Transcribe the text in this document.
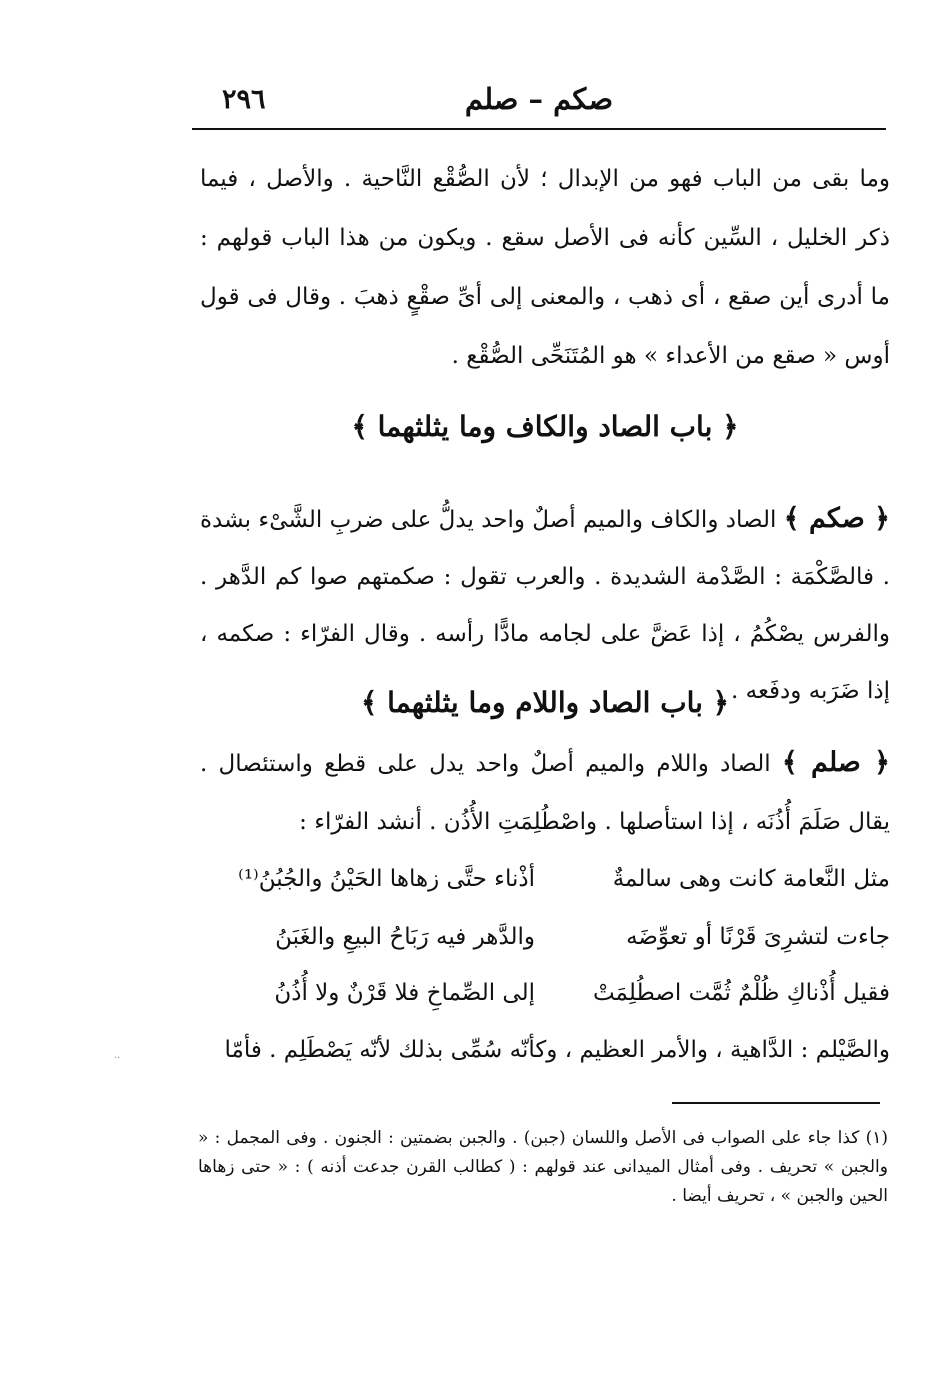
٢٩٦	صكم – صلم

وما بقى من الباب فهو من الإبدال ؛ لأن الصُّقْع النَّاحية . والأصل ، فيما ذكر الخليل ، السِّين كأنه فى الأصل سقع . ويكون من هذا الباب قولهم : ما أدرى أين صقع ، أى ذهب ، والمعنى إلى أىِّ صقْعٍ ذهبَ . وقال فى قول أوس « صقع من الأعداء » هو المُتَنَحِّى الصُّقْع .

﴿ باب الصاد والكاف وما يثلثهما ﴾

﴿ صكم ﴾ الصاد والكاف والميم أصلٌ واحد يدلُّ على ضربِ الشَّىْء بشدة . فالصَّكْمَة : الصَّدْمة الشديدة . والعرب تقول : صكمتهم صوا كم الدَّهر . والفرس يصْكُمُ ، إذا عَضَّ على لجامه مادًّا رأسه . وقال الفرّاء : صكمه ، إذا ضَرَبه ودفَعه .

﴿ باب الصاد واللام وما يثلثهما ﴾

﴿ صلم ﴾ الصاد واللام والميم أصلٌ واحد يدل على قطع واستئصال . يقال صَلَمَ أُذُنَه ، إذا استأصلها . واصْطُلِمَتِ الأُذُن . أنشد الفرّاء :

مثل النَّعامة كانت وهى سالمةٌ
أذْناء حتَّى زهاها الحَيْنُ والجُبُنُ⁽¹⁾
جاءت لتشرِىَ قَرْنًا أو تعوِّضَه
والدَّهر فيه رَبَاحُ البيعِ والغَبَنُ
فقيل أُذْناكِ ظُلْمٌ ثُمَّت اصطُلِمَتْ
إلى الصِّماخِ فلا قَرْنٌ ولا أُذُنُ

والصَّيْلم : الدَّاهية ، والأمر العظيم ، وكأنّه سُمِّى بذلك لأنّه يَصْطَلِم . فأمّا

(١) كذا جاء على الصواب فى الأصل واللسان (جبن) . والجبن بضمتين : الجنون . وفى المجمل : « والجبن » تحريف . وفى أمثال الميدانى عند قولهم : ( كطالب القرن جدعت أذنه ) : « حتى زهاها الحين والجبن » ، تحريف أيضا .

··
